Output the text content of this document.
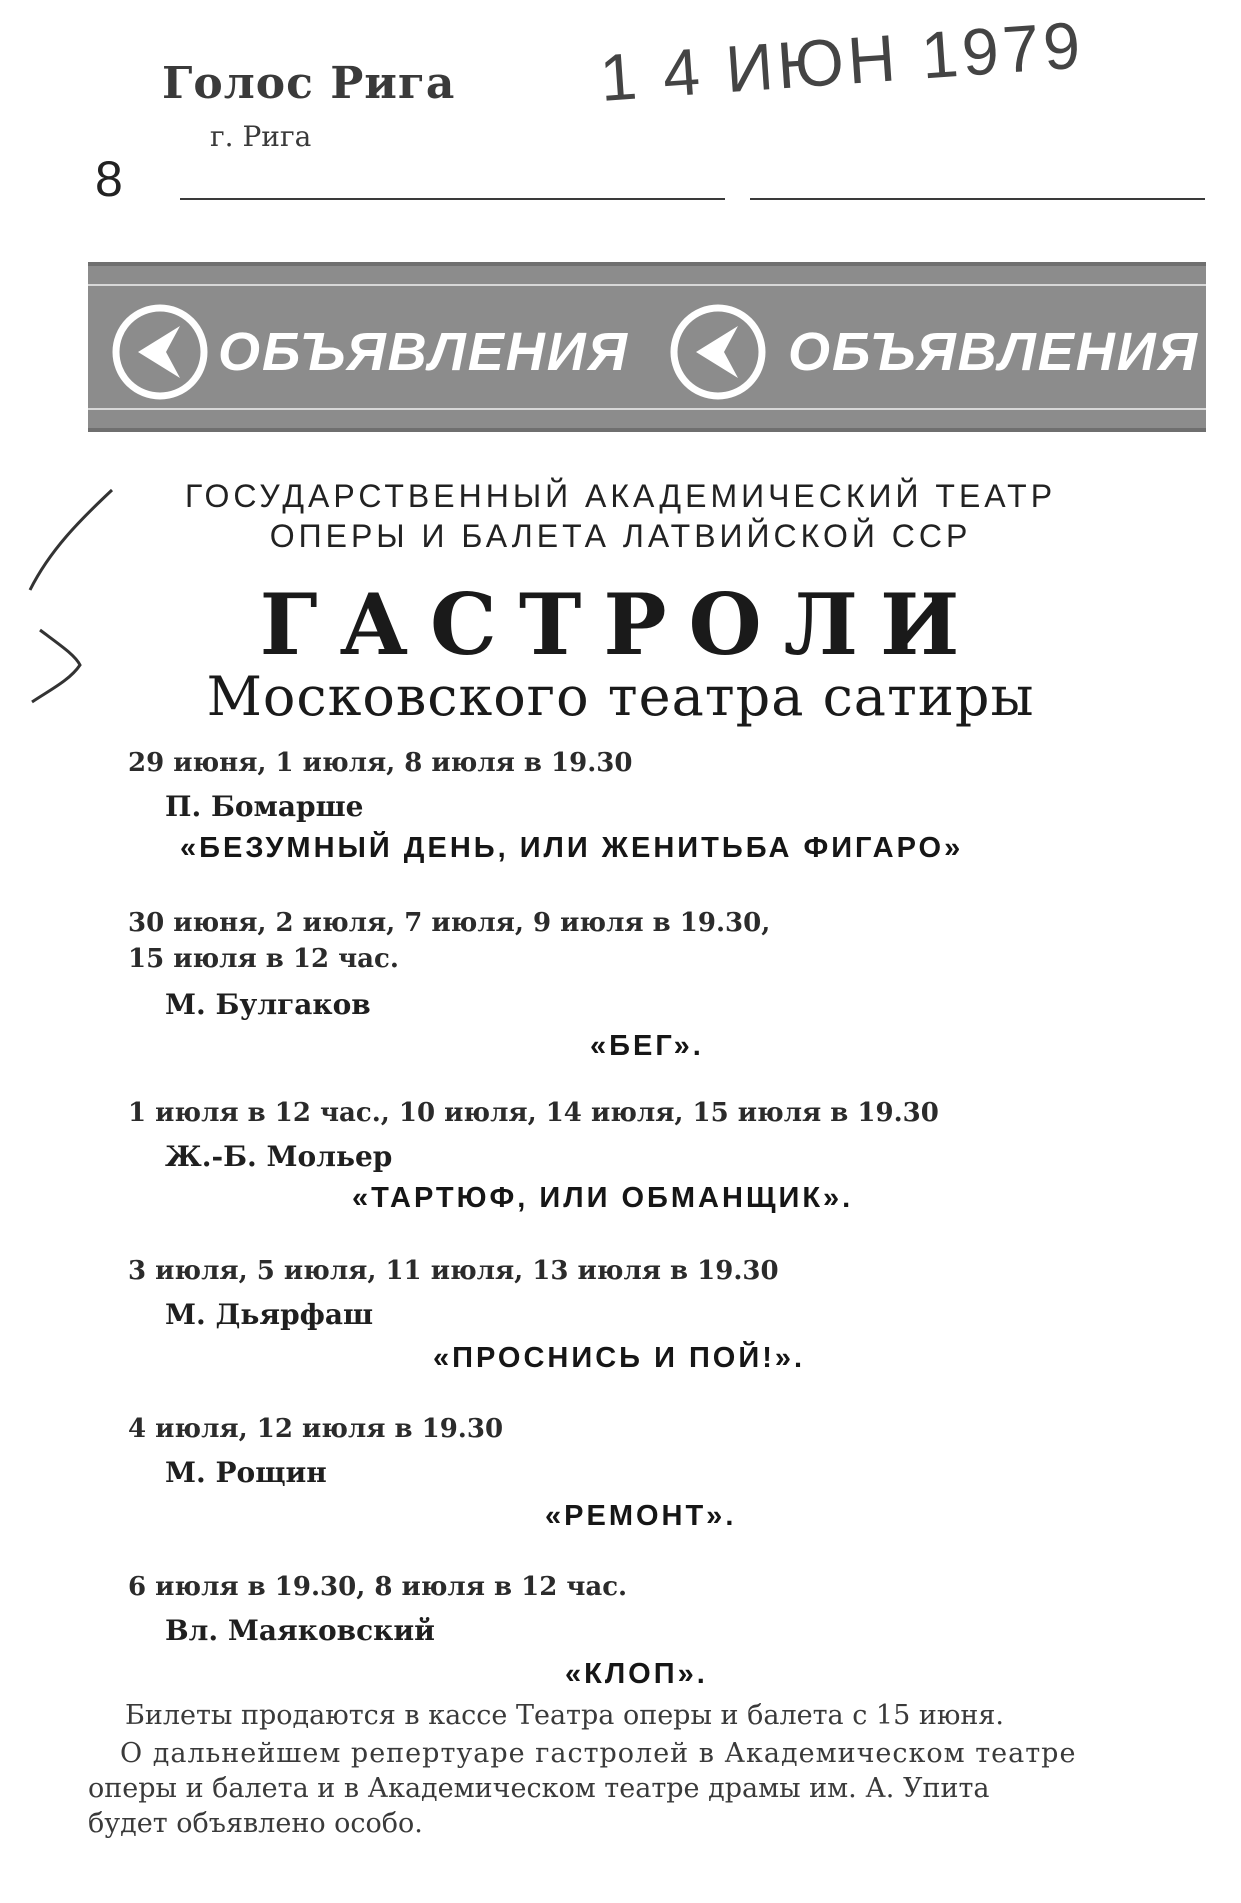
Голос Рига
г. Рига
8
1 4 ИЮН 1979
ОБЪЯВЛЕНИЯ	ОБЪЯВЛЕНИЯ
ГОСУДАРСТВЕННЫЙ АКАДЕМИЧЕСКИЙ ТЕАТР
ОПЕРЫ И БАЛЕТА ЛАТВИЙСКОЙ ССР
ГАСТРОЛИ
Московского театра сатиры
29 июня, 1 июля, 8 июля в 19.30
П. Бомарше
«БЕЗУМНЫЙ ДЕНЬ, ИЛИ ЖЕНИТЬБА ФИГАРО»
30 июня, 2 июля, 7 июля, 9 июля в 19.30,
15 июля в 12 час.
М. Булгаков
«БЕГ».
1 июля в 12 час., 10 июля, 14 июля, 15 июля в 19.30
Ж.-Б. Мольер
«ТАРТЮФ, ИЛИ ОБМАНЩИК».
3 июля, 5 июля, 11 июля, 13 июля в 19.30
М. Дьярфаш
«ПРОСНИСЬ И ПОЙ!».
4 июля, 12 июля в 19.30
М. Рощин
«РЕМОНТ».
6 июля в 19.30, 8 июля в 12 час.
Вл. Маяковский
«КЛОП».
Билеты продаются в кассе Театра оперы и балета с 15 июня.
О дальнейшем репертуаре гастролей в Академическом театре
оперы и балета и в Академическом театре драмы им. А. Упита
будет объявлено особо.
